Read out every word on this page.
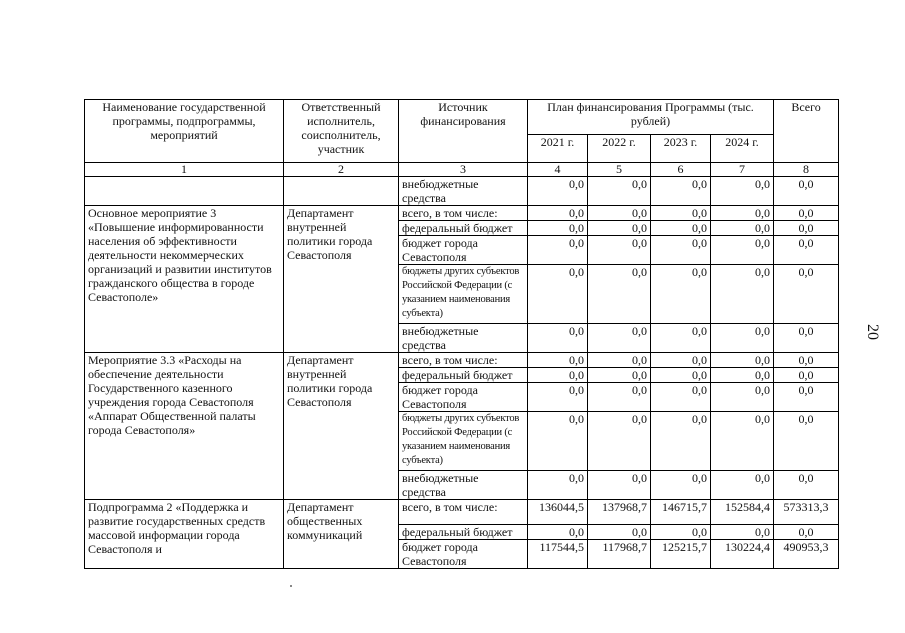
20
Наименование государственной программы, подпрограммы, мероприятий	Ответственный исполнитель, соисполнитель, участник	Источник финансирования	План финансирования Программы (тыс. рублей)				Всего
			2021 г.	2022 г.	2023 г.	2024 г.	
1	2	3	4	5	6	7	8
		внебюджетные средства	0,0	0,0	0,0	0,0	0,0
Основное мероприятие 3 «Повышение информированности населения об эффективности деятельности некоммерческих организаций и развитии институтов гражданского общества в городе Севастополе»	Департамент внутренней политики города Севастополя	всего, в том числе:	0,0	0,0	0,0	0,0	0,0
		федеральный бюджет	0,0	0,0	0,0	0,0	0,0
		бюджет города Севастополя	0,0	0,0	0,0	0,0	0,0
		бюджеты других субъектов Российской Федерации (с указанием наименования субъекта)	0,0	0,0	0,0	0,0	0,0
		внебюджетные средства	0,0	0,0	0,0	0,0	0,0
Мероприятие 3.3 «Расходы на обеспечение деятельности Государственного казенного учреждения города Севастополя «Аппарат Общественной палаты города Севастополя»	Департамент внутренней политики города Севастополя	всего, в том числе:	0,0	0,0	0,0	0,0	0,0
		федеральный бюджет	0,0	0,0	0,0	0,0	0,0
		бюджет города Севастополя	0,0	0,0	0,0	0,0	0,0
		бюджеты других субъектов Российской Федерации (с указанием наименования субъекта)	0,0	0,0	0,0	0,0	0,0
		внебюджетные средства	0,0	0,0	0,0	0,0	0,0
Подпрограмма 2 «Поддержка и развитие государственных средств массовой информации города Севастополя и	Департамент общественных коммуникаций	всего, в том числе:	136044,5	137968,7	146715,7	152584,4	573313,3
		федеральный бюджет	0,0	0,0	0,0	0,0	0,0
		бюджет города Севастополя	117544,5	117968,7	125215,7	130224,4	490953,3
